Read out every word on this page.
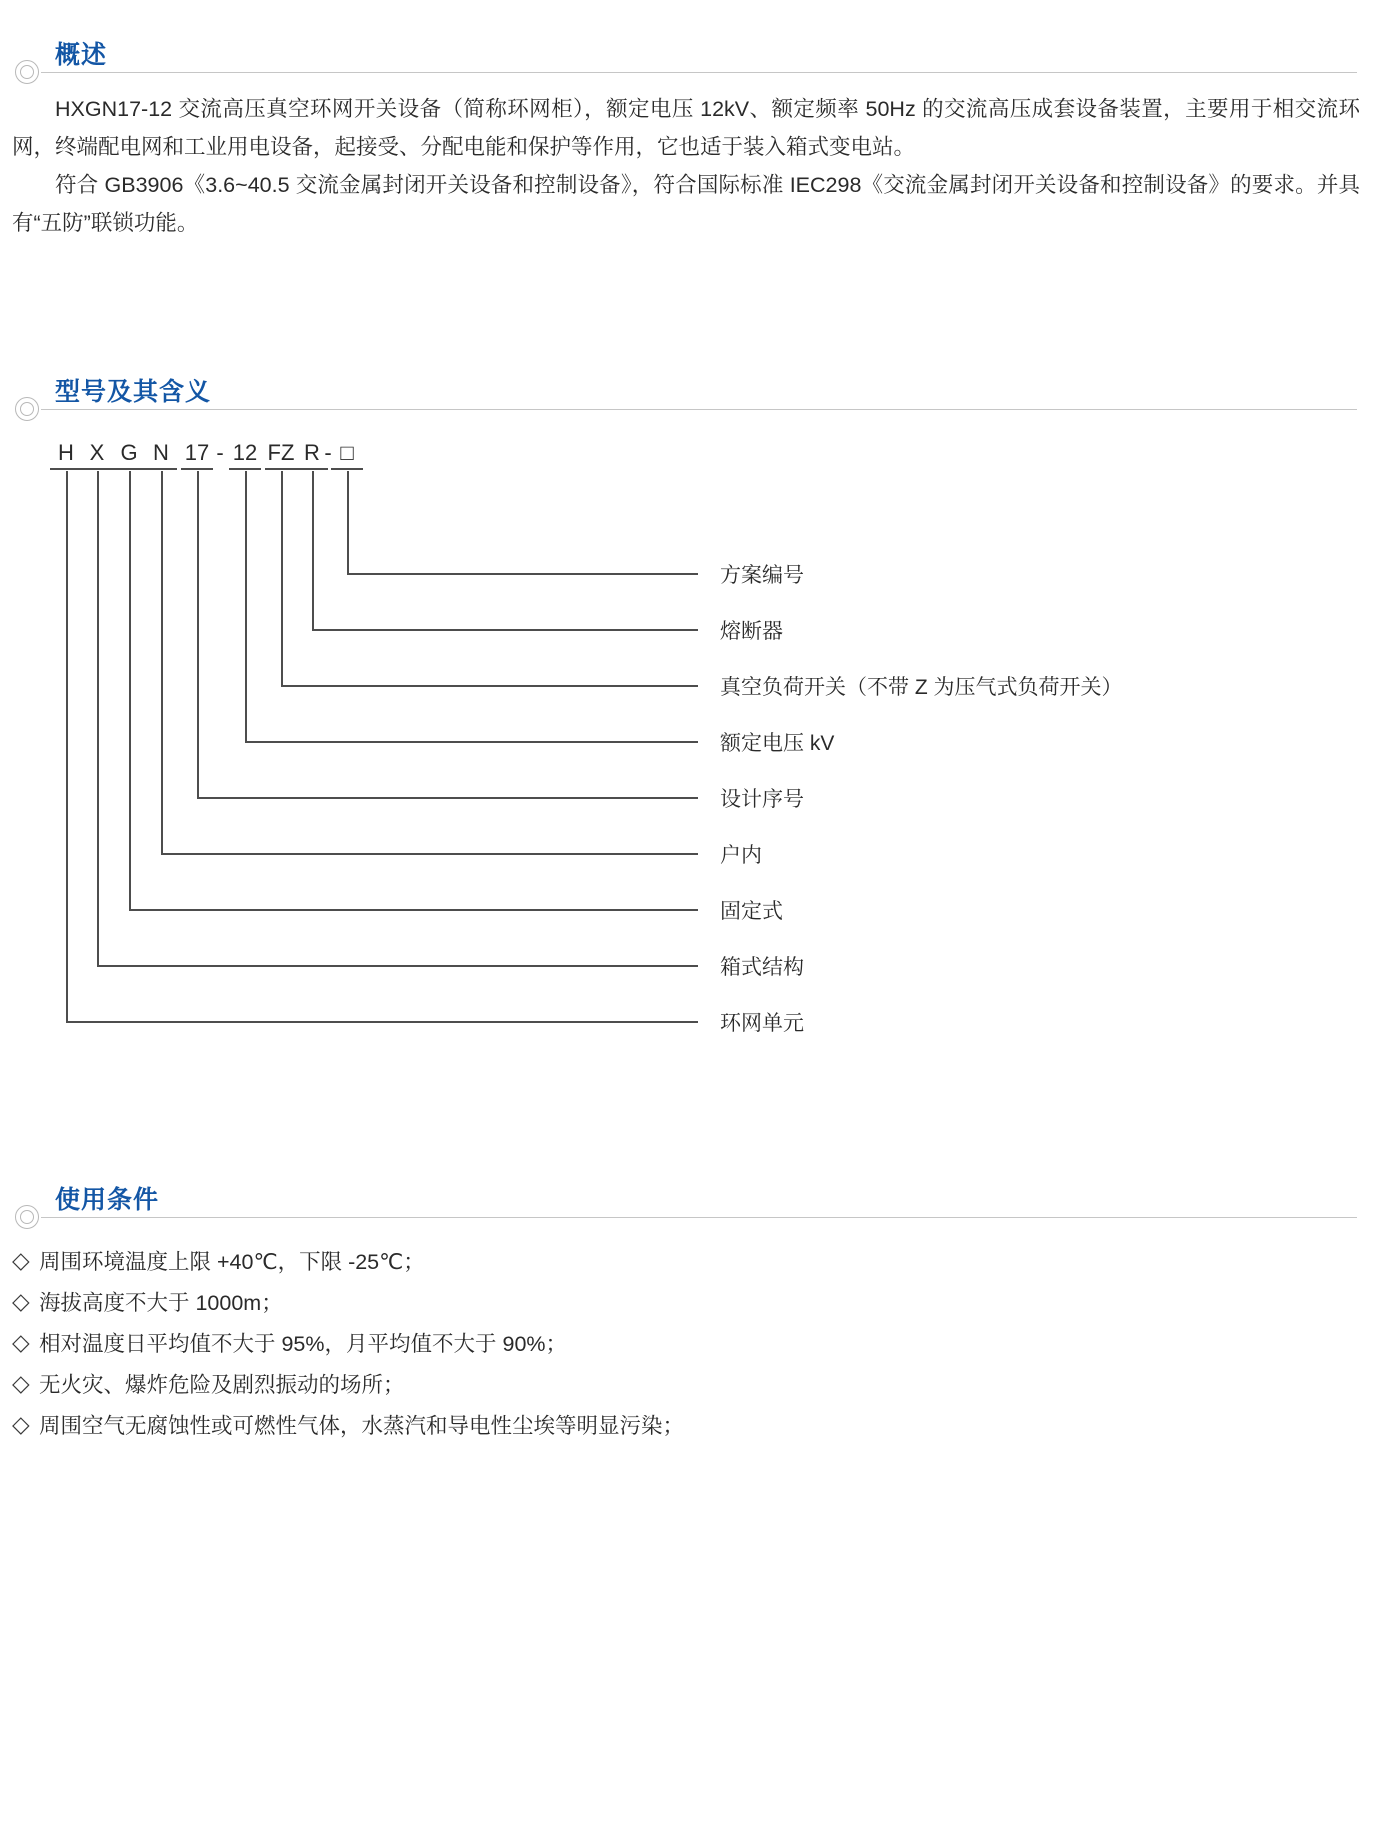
概述

HXGN17-12 交流高压真空环网开关设备（简称环网柜），额定电压 12kV、额定频率 50Hz 的交流高压成套设备装置，主要用于相交流环网，终端配电网和工业用电设备，起接受、分配电能和保护等作用，它也适于装入箱式变电站。

符合 GB3906《3.6~40.5 交流金属封闭开关设备和控制设备》，符合国际标准 IEC298《交流金属封闭开关设备和控制设备》的要求。并具有“五防”联锁功能。

型号及其含义
H X G N 17 - 12 FZ R - □
方案编号
熔断器
真空负荷开关（不带 Z 为压气式负荷开关）
额定电压 kV
设计序号
户内
固定式
箱式结构
环网单元
使用条件
◇ 周围环境温度上限 +40℃，下限 -25℃；
◇ 海拔高度不大于 1000m；
◇ 相对温度日平均值不大于 95%，月平均值不大于 90%；
◇ 无火灾、爆炸危险及剧烈振动的场所；
◇ 周围空气无腐蚀性或可燃性气体，水蒸汽和导电性尘埃等明显污染；
